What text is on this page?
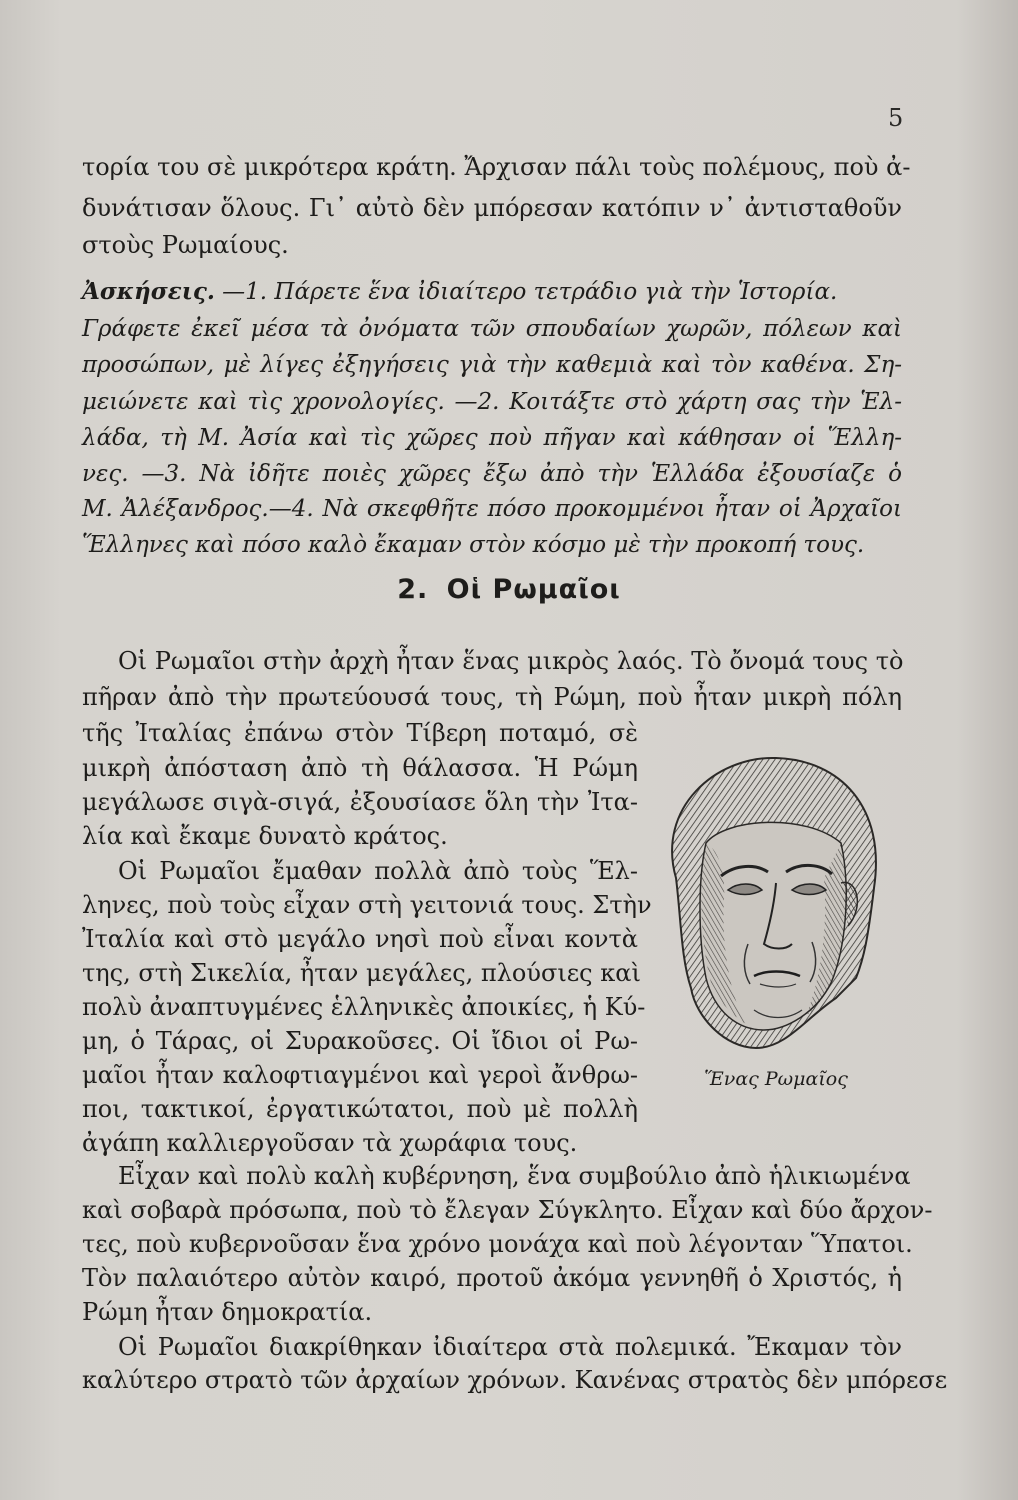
5
τορία του σὲ μικρότερα κράτη. Ἄρχισαν πάλι τοὺς πολέμους, ποὺ ἀ-
δυνάτισαν ὅλους. Γι᾿ αὐτὸ δὲν μπόρεσαν κατόπιν ν᾿ ἀντισταθοῦν
στοὺς Ρωμαίους.
Ἀσκήσεις. —1. Πάρετε ἕνα ἰδιαίτερο τετράδιο γιὰ τὴν Ἱστορία.
Γράφετε ἐκεῖ μέσα τὰ ὀνόματα τῶν σπουδαίων χωρῶν, πόλεων καὶ
προσώπων, μὲ λίγες ἐξηγήσεις γιὰ τὴν καθεμιὰ καὶ τὸν καθένα. Ση-
μειώνετε καὶ τὶς χρονολογίες. —2. Κοιτάξτε στὸ χάρτη σας τὴν Ἑλ-
λάδα, τὴ Μ. Ἀσία καὶ τὶς χῶρες ποὺ πῆγαν καὶ κάθησαν οἱ Ἕλλη-
νες. —3. Νὰ ἰδῆτε ποιὲς χῶρες ἔξω ἀπὸ τὴν Ἑλλάδα ἐξουσίαζε ὁ
Μ. Ἀλέξανδρος.—4. Νὰ σκεφθῆτε πόσο προκομμένοι ἦταν οἱ Ἀρχαῖοι
Ἕλληνες καὶ πόσο καλὸ ἔκαμαν στὸν κόσμο μὲ τὴν προκοπή τους.
2. Οἱ Ρωμαῖοι
Οἱ Ρωμαῖοι στὴν ἀρχὴ ἦταν ἕνας μικρὸς λαός. Τὸ ὄνομά τους τὸ
πῆραν ἀπὸ τὴν πρωτεύουσά τους, τὴ Ρώμη, ποὺ ἦταν μικρὴ πόλη
τῆς Ἰταλίας ἐπάνω στὸν Τίβερη ποταμό, σὲ
μικρὴ ἀπόσταση ἀπὸ τὴ θάλασσα. Ἡ Ρώμη
μεγάλωσε σιγὰ-σιγά, ἐξουσίασε ὅλη τὴν Ἰτα-
λία καὶ ἔκαμε δυνατὸ κράτος.
Οἱ Ρωμαῖοι ἔμαθαν πολλὰ ἀπὸ τοὺς Ἕλ-
ληνες, ποὺ τοὺς εἶχαν στὴ γειτονιά τους. Στὴν
Ἰταλία καὶ στὸ μεγάλο νησὶ ποὺ εἶναι κοντὰ
της, στὴ Σικελία, ἦταν μεγάλες, πλούσιες καὶ
πολὺ ἀναπτυγμένες ἑλληνικὲς ἀποικίες, ἡ Κύ-
μη, ὁ Τάρας, οἱ Συρακοῦσες. Οἱ ἴδιοι οἱ Ρω-
μαῖοι ἦταν καλοφτιαγμένοι καὶ γεροὶ ἄνθρω-
ποι, τακτικοί, ἐργατικώτατοι, ποὺ μὲ πολλὴ
ἀγάπη καλλιεργοῦσαν τὰ χωράφια τους.
Εἶχαν καὶ πολὺ καλὴ κυβέρνηση, ἕνα συμβούλιο ἀπὸ ἡλικιωμένα
καὶ σοβαρὰ πρόσωπα, ποὺ τὸ ἔλεγαν Σύγκλητο. Εἶχαν καὶ δύο ἄρχον-
τες, ποὺ κυβερνοῦσαν ἕνα χρόνο μονάχα καὶ ποὺ λέγονταν Ὕπατοι.
Τὸν παλαιότερο αὐτὸν καιρό, προτοῦ ἀκόμα γεννηθῆ ὁ Χριστός, ἡ
Ρώμη ἦταν δημοκρατία.
Οἱ Ρωμαῖοι διακρίθηκαν ἰδιαίτερα στὰ πολεμικά. Ἔκαμαν τὸν
καλύτερο στρατὸ τῶν ἀρχαίων χρόνων. Κανένας στρατὸς δὲν μπόρεσε
Ἕνας Ρωμαῖος
